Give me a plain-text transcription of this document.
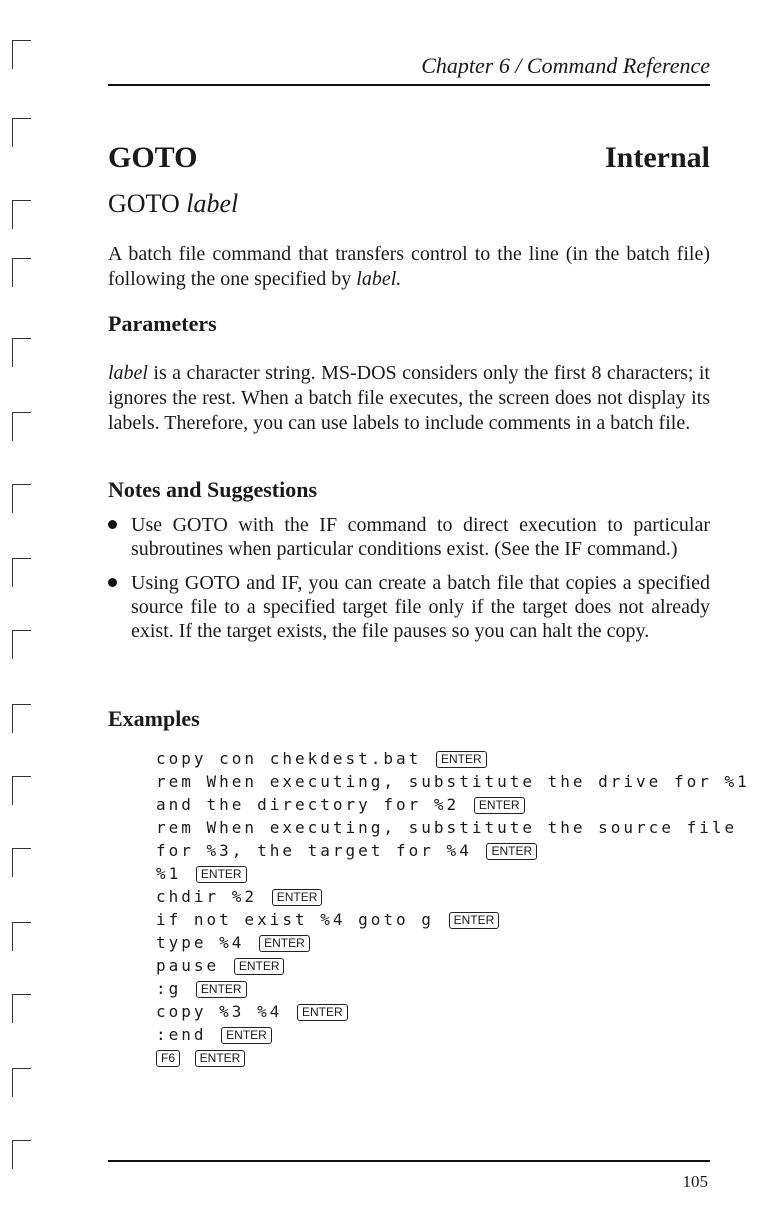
Chapter 6 / Command Reference
GOTO	Internal
GOTO label

A batch file command that transfers control to the line (in the batch file) following the one specified by label.

Parameters

label is a character string. MS-DOS considers only the first 8 characters; it ignores the rest. When a batch file executes, the screen does not display its labels. Therefore, you can use labels to include comments in a batch file.

Notes and Suggestions
Use GOTO with the IF command to direct execution to particular subroutines when particular conditions exist. (See the IF command.)
Using GOTO and IF, you can create a batch file that copies a specified source file to a specified target file only if the target does not already exist. If the target exists, the file pauses so you can halt the copy.
Examples
copy con chekdest.bat ENTER
rem When executing, substitute the drive for %1
and the directory for %2 ENTER
rem When executing, substitute the source file
for %3, the target for %4 ENTER
%1 ENTER
chdir %2 ENTER
if not exist %4 goto g ENTER
type %4 ENTER
pause ENTER
:g ENTER
copy %3 %4 ENTER
:end ENTER
F6 ENTER
105
